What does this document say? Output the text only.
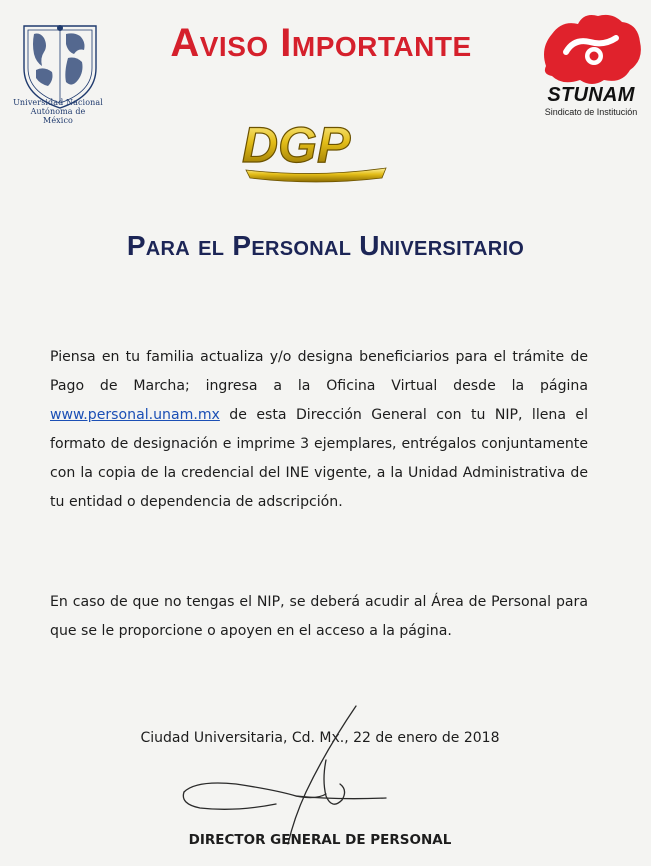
Universidad Nacional
Autónoma de
México
Aviso Importante
STUNAM
Sindicato de Institución
DGP
Para el Personal Universitario
Piensa en tu familia actualiza y/o designa beneficiarios para el trámite de Pago de Marcha; ingresa a la Oficina Virtual desde la página www.personal.unam.mx de esta Dirección General con tu NIP, llena el formato de designación e imprime 3 ejemplares, entrégalos conjuntamente con la copia de la credencial del INE vigente, a la Unidad Administrativa de tu entidad o dependencia de adscripción.
En caso de que no tengas el NIP, se deberá acudir al Área de Personal para que se le proporcione o apoyen en el acceso a la página.
Ciudad Universitaria, Cd. Mx., 22 de enero de 2018
DIRECTOR GENERAL DE PERSONAL
